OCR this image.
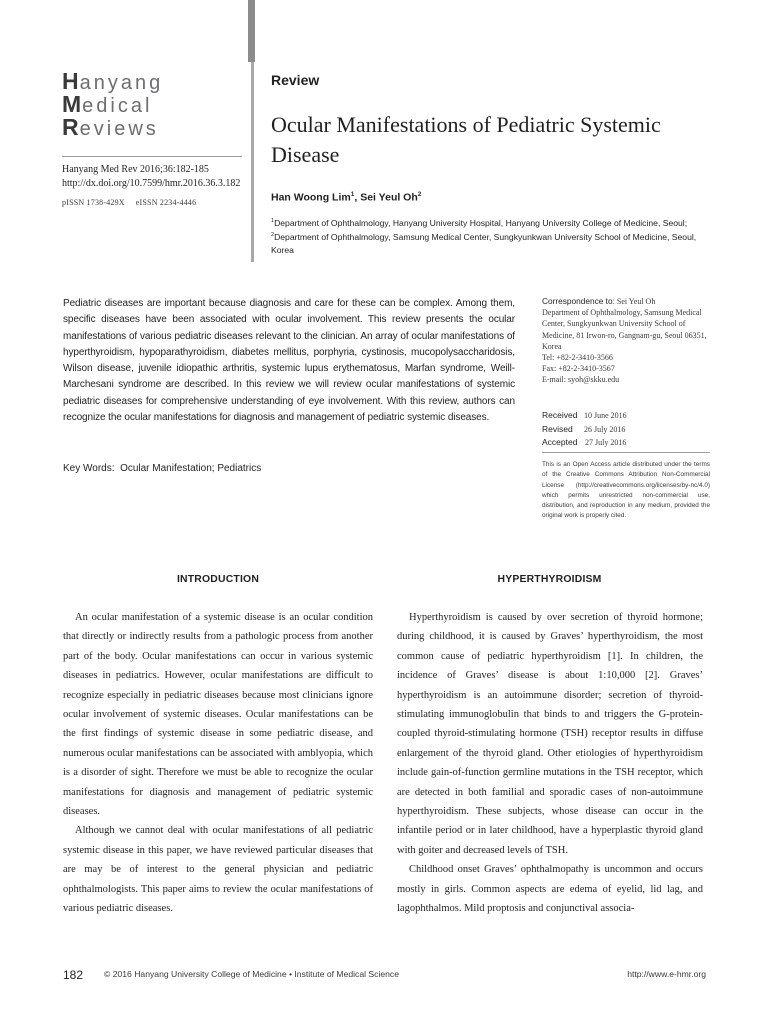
Hanyang
Medical
Reviews
Hanyang Med Rev 2016;36:182-185
http://dx.doi.org/10.7599/hmr.2016.36.3.182
pISSN 1738-429X eISSN 2234-4446
Review
Ocular Manifestations of Pediatric Systemic Disease
Han Woong Lim$^1$, Sei Yeul Oh$^2$
$^1$Department of Ophthalmology, Hanyang University Hospital, Hanyang University College of Medicine, Seoul; $^2$Department of Ophthalmology, Samsung Medical Center, Sungkyunkwan University School of Medicine, Seoul, Korea

Pediatric diseases are important because diagnosis and care for these can be complex. Among them, specific diseases have been associated with ocular involvement. This review presents the ocular manifestations of various pediatric diseases relevant to the clinician. An array of ocular manifestations of hyperthyroidism, hypoparathyroidism, diabetes mellitus, porphyria, cystinosis, mucopolysaccharidosis, Wilson disease, juvenile idiopathic arthritis, systemic lupus erythematosus, Marfan syndrome, Weill-Marchesani syndrome are described. In this review we will review ocular manifestations of systemic pediatric diseases for comprehensive understanding of eye involvement. With this review, authors can recognize the ocular manifestations for diagnosis and management of pediatric systemic diseases.

Key Words: Ocular Manifestation; Pediatrics
Correspondence to: Sei Yeul Oh
Department of Ophthalmology, Samsung Medical Center, Sungkyunkwan University School of Medicine, 81 Irwon-ro, Gangnam-gu, Seoul 06351, Korea
Tel: +82-2-3410-3566
Fax: +82-2-3410-3567
E-mail: syoh@skku.edu
Received 10 June 2016
Revised 26 July 2016
Accepted 27 July 2016

This is an Open Access article distributed under the terms of the Creative Commons Attribution Non-Commercial License (http://creativecommons.org/licenses/by-nc/4.0) which permits unrestricted non-commercial use, distribution, and reproduction in any medium, provided the original work is properly cited.

INTRODUCTION	HYPERTHYROIDISM

An ocular manifestation of a systemic disease is an ocular condition that directly or indirectly results from a pathologic process from another part of the body. Ocular manifestations can occur in various systemic diseases in pediatrics. However, ocular manifestations are difficult to recognize especially in pediatric diseases because most clinicians ignore ocular involvement of systemic diseases. Ocular manifestations can be the first findings of systemic disease in some pediatric disease, and numerous ocular manifestations can be associated with amblyopia, which is a disorder of sight. Therefore we must be able to recognize the ocular manifestations for diagnosis and management of pediatric systemic diseases.

Although we cannot deal with ocular manifestations of all pediatric systemic disease in this paper, we have reviewed particular diseases that are may be of interest to the general physician and pediatric ophthalmologists. This paper aims to review the ocular manifestations of various pediatric diseases.

Hyperthyroidism is caused by over secretion of thyroid hormone; during childhood, it is caused by Graves’ hyperthyroidism, the most common cause of pediatric hyperthyroidism [1]. In children, the incidence of Graves’ disease is about 1:10,000 [2]. Graves’ hyperthyroidism is an autoimmune disorder; secretion of thyroid-stimulating immunoglobulin that binds to and triggers the G-protein-coupled thyroid-stimulating hormone (TSH) receptor results in diffuse enlargement of the thyroid gland. Other etiologies of hyperthyroidism include gain-of-function germline mutations in the TSH receptor, which are detected in both familial and sporadic cases of non-autoimmune hyperthyroidism. These subjects, whose disease can occur in the infantile period or in later childhood, have a hyperplastic thyroid gland with goiter and decreased levels of TSH.

Childhood onset Graves’ ophthalmopathy is uncommon and occurs mostly in girls. Common aspects are edema of eyelid, lid lag, and lagophthalmos. Mild proptosis and conjunctival associa-

182 © 2016 Hanyang University College of Medicine • Institute of Medical Science	http://www.e-hmr.org
